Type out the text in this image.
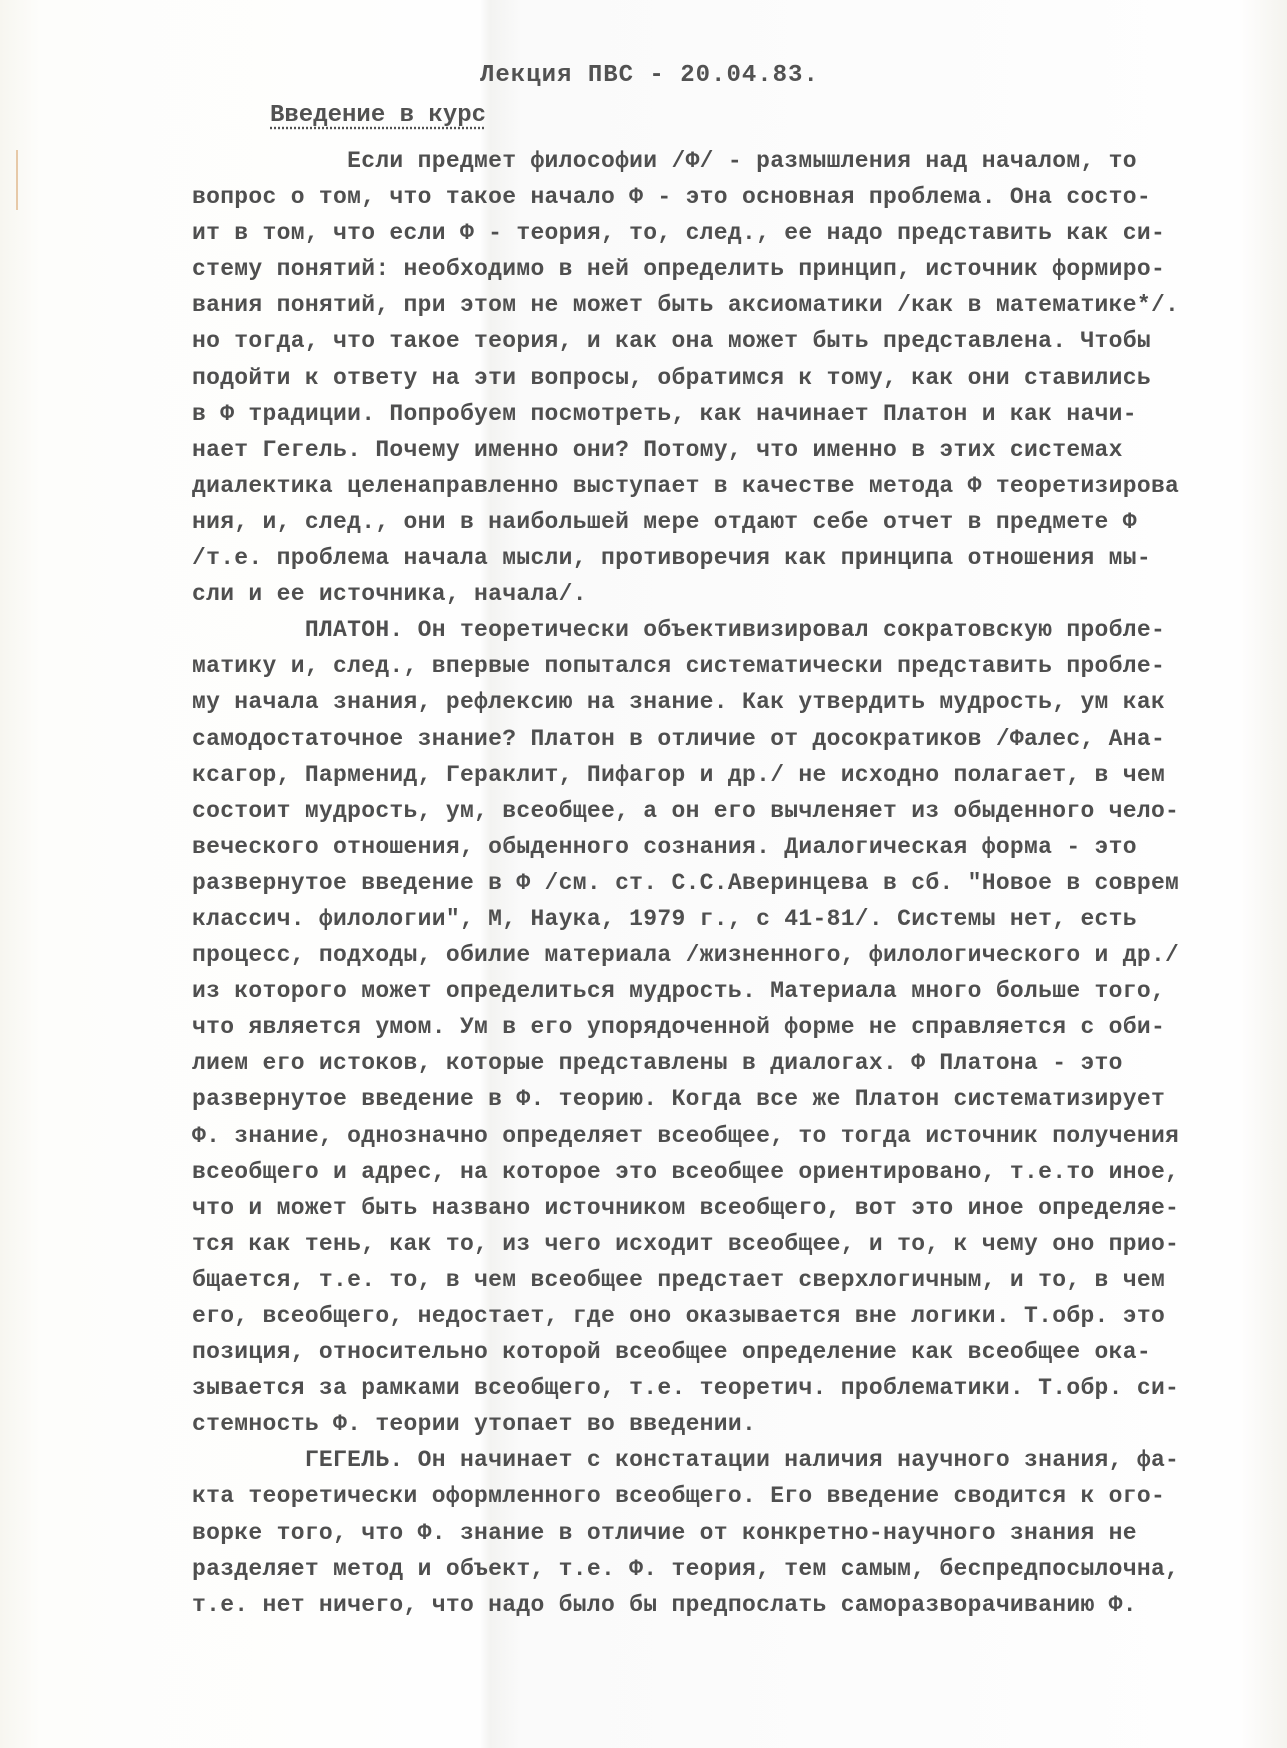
Лекция ПВС - 20.04.83.
Введение в курс
Если предмет философии /Ф/ - размышления над началом, то
вопрос о том, что такое начало Ф - это основная проблема. Она состо-
ит в том, что если Ф - теория, то, след., ее надо представить как си-
стему понятий: необходимо в ней определить принцип, источник формиро-
вания понятий, при этом не может быть аксиоматики /как в математике*/.
но тогда, что такое теория, и как она может быть представлена. Чтобы
подойти к ответу на эти вопросы, обратимся к тому, как они ставились
в Ф традиции. Попробуем посмотреть, как начинает Платон и как начи-
нает Гегель. Почему именно они? Потому, что именно в этих системах
диалектика целенаправленно выступает в качестве метода Ф теоретизирова
ния, и, след., они в наибольшей мере отдают себе отчет в предмете Ф
/т.е. проблема начала мысли, противоречия как принципа отношения мы-
сли и ее источника, начала/.
ПЛАТОН. Он теоретически объективизировал сократовскую пробле-
матику и, след., впервые попытался систематически представить пробле-
му начала знания, рефлексию на знание. Как утвердить мудрость, ум как
самодостаточное знание? Платон в отличие от досократиков /Фалес, Ана-
ксагор, Парменид, Гераклит, Пифагор и др./ не исходно полагает, в чем
состоит мудрость, ум, всеобщее, а он его вычленяет из обыденного чело-
веческого отношения, обыденного сознания. Диалогическая форма - это
развернутое введение в Ф /см. ст. С.С.Аверинцева в сб. "Новое в соврем
классич. филологии", М, Наука, 1979 г., с 41-81/. Системы нет, есть
процесс, подходы, обилие материала /жизненного, филологического и др./
из которого может определиться мудрость. Материала много больше того,
что является умом. Ум в его упорядоченной форме не справляется с оби-
лием его истоков, которые представлены в диалогах. Ф Платона - это
развернутое введение в Ф. теорию. Когда все же Платон систематизирует
Ф. знание, однозначно определяет всеобщее, то тогда источник получения
всеобщего и адрес, на которое это всеобщее ориентировано, т.е.то иное,
что и может быть названо источником всеобщего, вот это иное определяе-
тся как тень, как то, из чего исходит всеобщее, и то, к чему оно прио-
бщается, т.е. то, в чем всеобщее предстает сверхлогичным, и то, в чем
его, всеобщего, недостает, где оно оказывается вне логики. Т.обр. это
позиция, относительно которой всеобщее определение как всеобщее ока-
зывается за рамками всеобщего, т.е. теоретич. проблематики. Т.обр. си-
стемность Ф. теории утопает во введении.
ГЕГЕЛЬ. Он начинает с констатации наличия научного знания, фа-
кта теоретически оформленного всеобщего. Его введение сводится к ого-
ворке того, что Ф. знание в отличие от конкретно-научного знания не
разделяет метод и объект, т.е. Ф. теория, тем самым, беспредпосылочна,
т.е. нет ничего, что надо было бы предпослать саморазворачиванию Ф.
